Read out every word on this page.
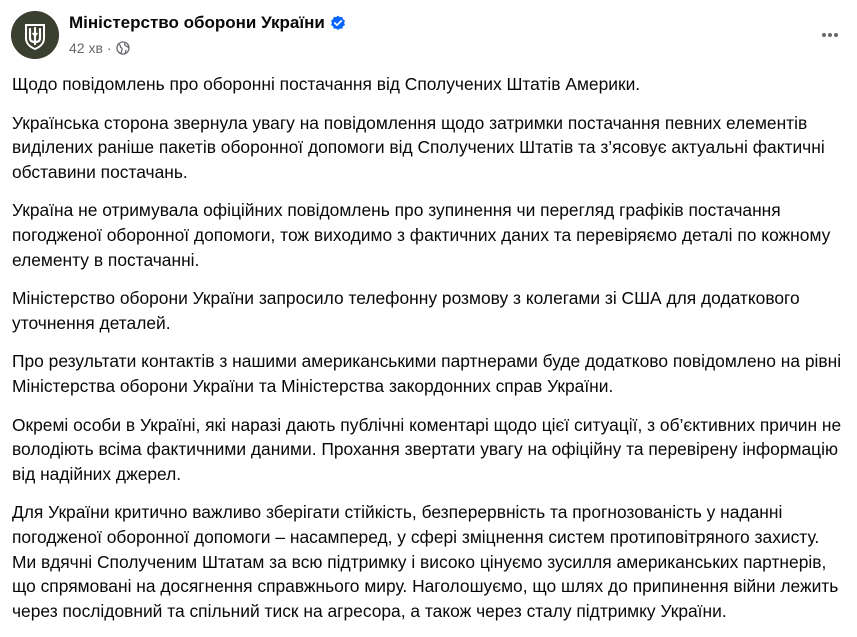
Міністерство оборони України
42 хв ·

Щодо повідомлень про оборонні постачання від Сполучених Штатів Америки.

Українська сторона звернула увагу на повідомлення щодо затримки постачання певних елементів виділених раніше пакетів оборонної допомоги від Сполучених Штатів та з’ясовує актуальні фактичні обставини постачань.

Україна не отримувала офіційних повідомлень про зупинення чи перегляд графіків постачання погодженої оборонної допомоги, тож виходимо з фактичних даних та перевіряємо деталі по кожному елементу в постачанні.

Міністерство оборони України запросило телефонну розмову з колегами зі США для додаткового уточнення деталей.

Про результати контактів з нашими американськими партнерами буде додатково повідомлено на рівні Міністерства оборони України та Міністерства закордонних справ України.

Окремі особи в Україні, які наразі дають публічні коментарі щодо цієї ситуації, з об’єктивних причин не володіють всіма фактичними даними. Прохання звертати увагу на офіційну та перевірену інформацію від надійних джерел.

Для України критично важливо зберігати стійкість, безперервність та прогнозованість у наданні погодженої оборонної допомоги – насамперед, у сфері зміцнення систем протиповітряного захисту. Ми вдячні Сполученим Штатам за всю підтримку і високо цінуємо зусилля американських партнерів, що спрямовані на досягнення справжнього миру. Наголошуємо, що шлях до припинення війни лежить через послідовний та спільний тиск на агресора, а також через сталу підтримку України.
